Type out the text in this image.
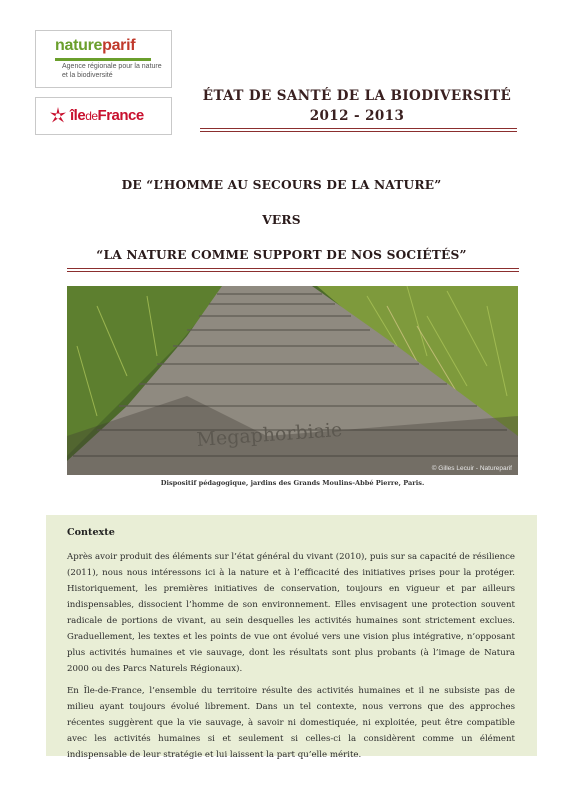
natureparif
Agence régionale pour la nature et la biodiversité
îledeFrance
ÉTAT DE SANTÉ DE LA BIODIVERSITÉ
2012 - 2013
DE “L’HOMME AU SECOURS DE LA NATURE”
VERS
“LA NATURE COMME SUPPORT DE NOS SOCIÉTÉS”
Megaphorbiaie
© Gilles Lecuir - Natureparif
Dispositif pédagogique, jardins des Grands Moulins-Abbé Pierre, Paris.
Contexte

Après avoir produit des éléments sur l’état général du vivant (2010), puis sur sa capacité de résilience (2011), nous nous intéressons ici à la nature et à l’efficacité des initiatives prises pour la protéger. Historiquement, les premières initiatives de conservation, toujours en vigueur et par ailleurs indispensables, dissocient l’homme de son environnement. Elles envisagent une protection souvent radicale de portions de vivant, au sein desquelles les activités humaines sont strictement exclues. Graduellement, les textes et les points de vue ont évolué vers une vision plus intégrative, n’opposant plus activités humaines et vie sauvage, dont les résultats sont plus probants (à l’image de Natura 2000 ou des Parcs Naturels Régionaux).

En Île-de-France, l’ensemble du territoire résulte des activités humaines et il ne subsiste pas de milieu ayant toujours évolué librement. Dans un tel contexte, nous verrons que des approches récentes suggèrent que la vie sauvage, à savoir ni domestiquée, ni exploitée, peut être compatible avec les activités humaines si et seulement si celles-ci la considèrent comme un élément indispensable de leur stratégie et lui laissent la part qu’elle mérite.
